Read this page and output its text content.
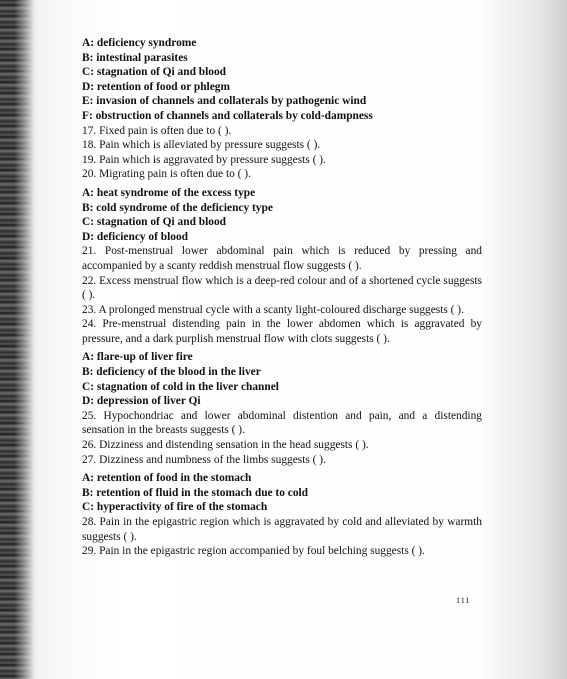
A: deficiency syndrome
B: intestinal parasites
C: stagnation of Qi and blood
D: retention of food or phlegm
E: invasion of channels and collaterals by pathogenic wind
F: obstruction of channels and collaterals by cold-dampness
17. Fixed pain is often due to ( ).
18. Pain which is alleviated by pressure suggests ( ).
19. Pain which is aggravated by pressure suggests ( ).
20. Migrating pain is often due to ( ).
A: heat syndrome of the excess type
B: cold syndrome of the deficiency type
C: stagnation of Qi and blood
D: deficiency of blood
21. Post-menstrual lower abdominal pain which is reduced by pressing and accompanied by a scanty reddish menstrual flow suggests ( ).
22. Excess menstrual flow which is a deep-red colour and of a shortened cycle suggests ( ).
23. A prolonged menstrual cycle with a scanty light-coloured discharge suggests ( ).
24. Pre-menstrual distending pain in the lower abdomen which is aggravated by pressure, and a dark purplish menstrual flow with clots suggests ( ).
A: flare-up of liver fire
B: deficiency of the blood in the liver
C: stagnation of cold in the liver channel
D: depression of liver Qi
25. Hypochondriac and lower abdominal distention and pain, and a distending sensation in the breasts suggests ( ).
26. Dizziness and distending sensation in the head suggests ( ).
27. Dizziness and numbness of the limbs suggests ( ).
A: retention of food in the stomach
B: retention of fluid in the stomach due to cold
C: hyperactivity of fire of the stomach
28. Pain in the epigastric region which is aggravated by cold and alleviated by warmth suggests ( ).
29. Pain in the epigastric region accompanied by foul belching suggests ( ).
111
